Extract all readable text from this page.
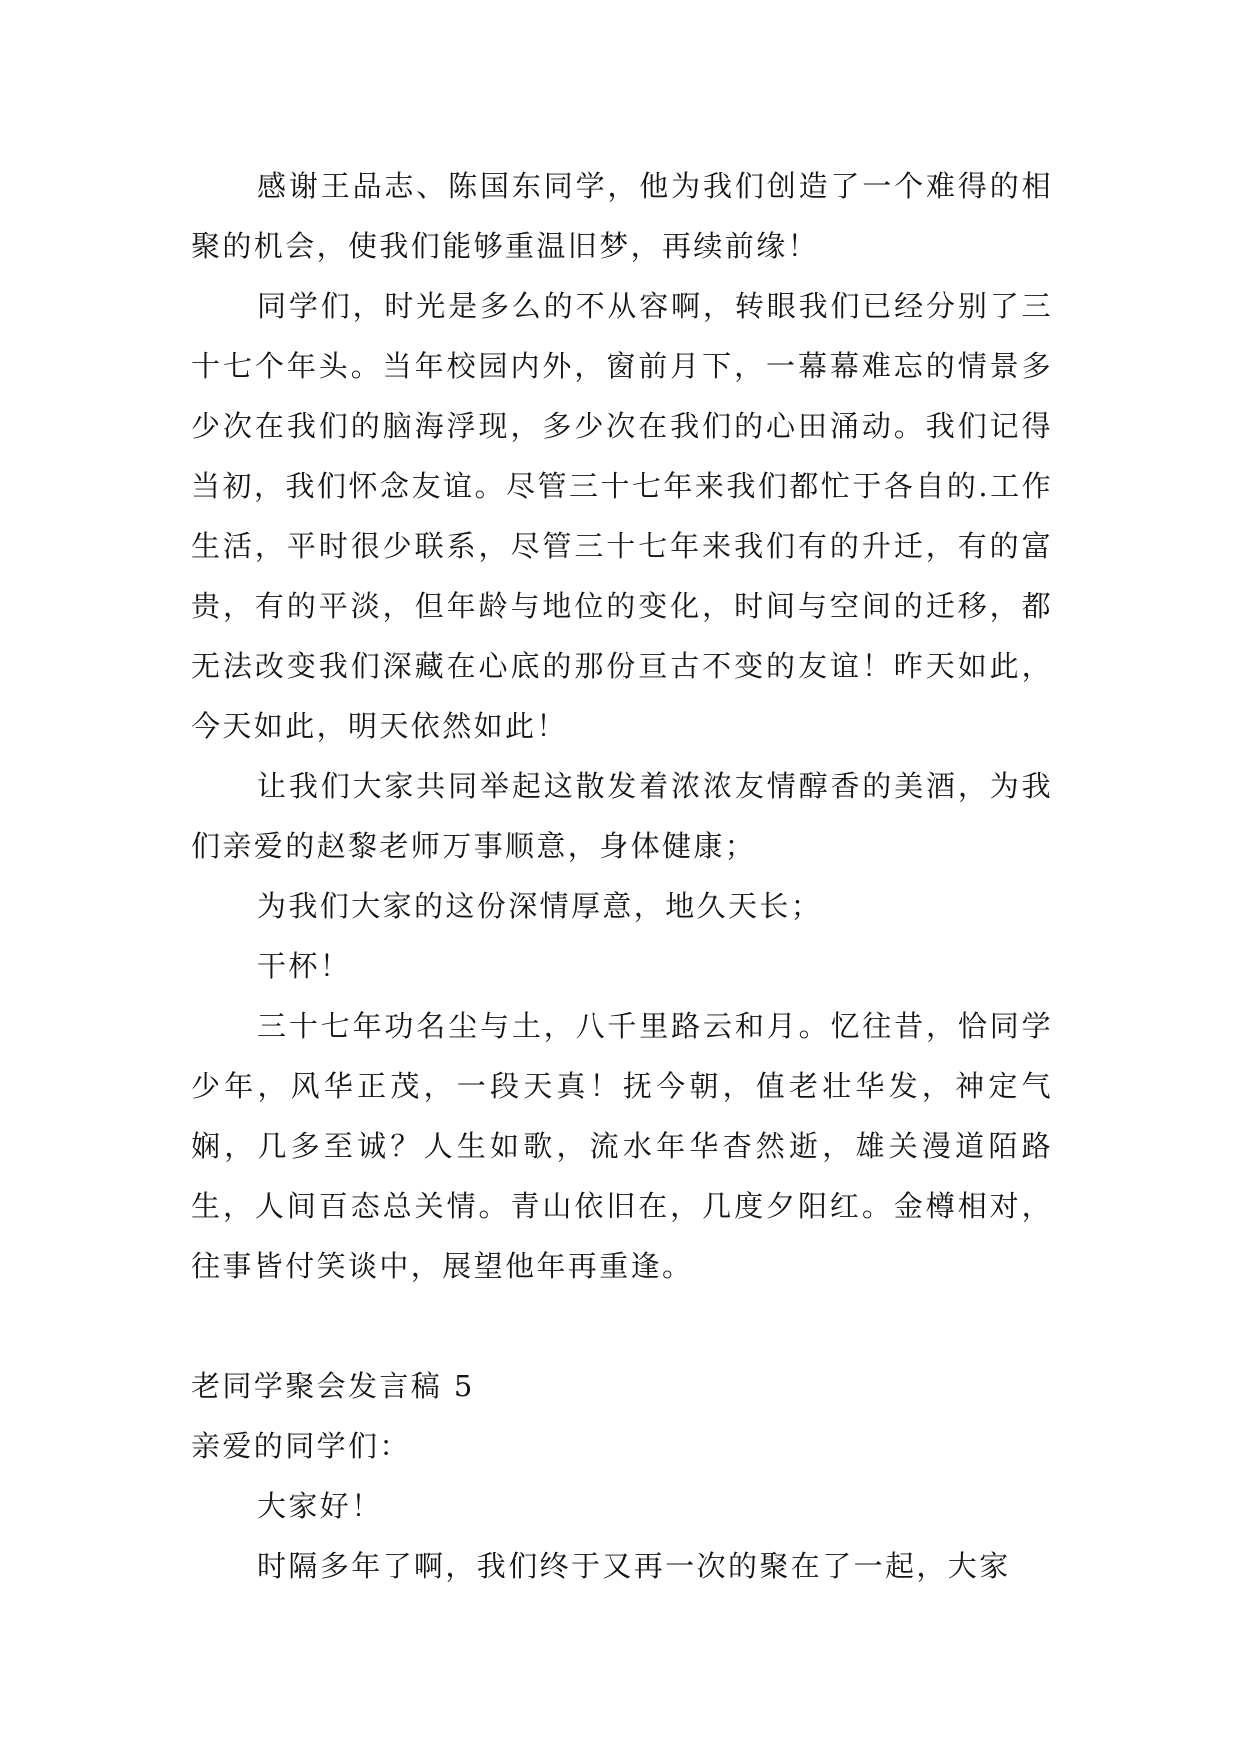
感谢王品志、陈国东同学，他为我们创造了一个难得的相聚的机会，使我们能够重温旧梦，再续前缘！

同学们，时光是多么的不从容啊，转眼我们已经分别了三十七个年头。当年校园内外，窗前月下，一幕幕难忘的情景多少次在我们的脑海浮现，多少次在我们的心田涌动。我们记得当初，我们怀念友谊。尽管三十七年来我们都忙于各自的.工作生活，平时很少联系，尽管三十七年来我们有的升迁，有的富贵，有的平淡，但年龄与地位的变化，时间与空间的迁移，都无法改变我们深藏在心底的那份亘古不变的友谊！昨天如此，今天如此，明天依然如此！

让我们大家共同举起这散发着浓浓友情醇香的美酒，为我们亲爱的赵黎老师万事顺意，身体健康；

为我们大家的这份深情厚意，地久天长；

干杯！

三十七年功名尘与土，八千里路云和月。忆往昔，恰同学少年，风华正茂，一段天真！抚今朝，值老壮华发，神定气娴，几多至诚？人生如歌，流水年华杳然逝，雄关漫道陌路生，人间百态总关情。青山依旧在，几度夕阳红。金樽相对，往事皆付笑谈中，展望他年再重逢。

老同学聚会发言稿 5

亲爱的同学们：

大家好！

时隔多年了啊，我们终于又再一次的聚在了一起，大家
